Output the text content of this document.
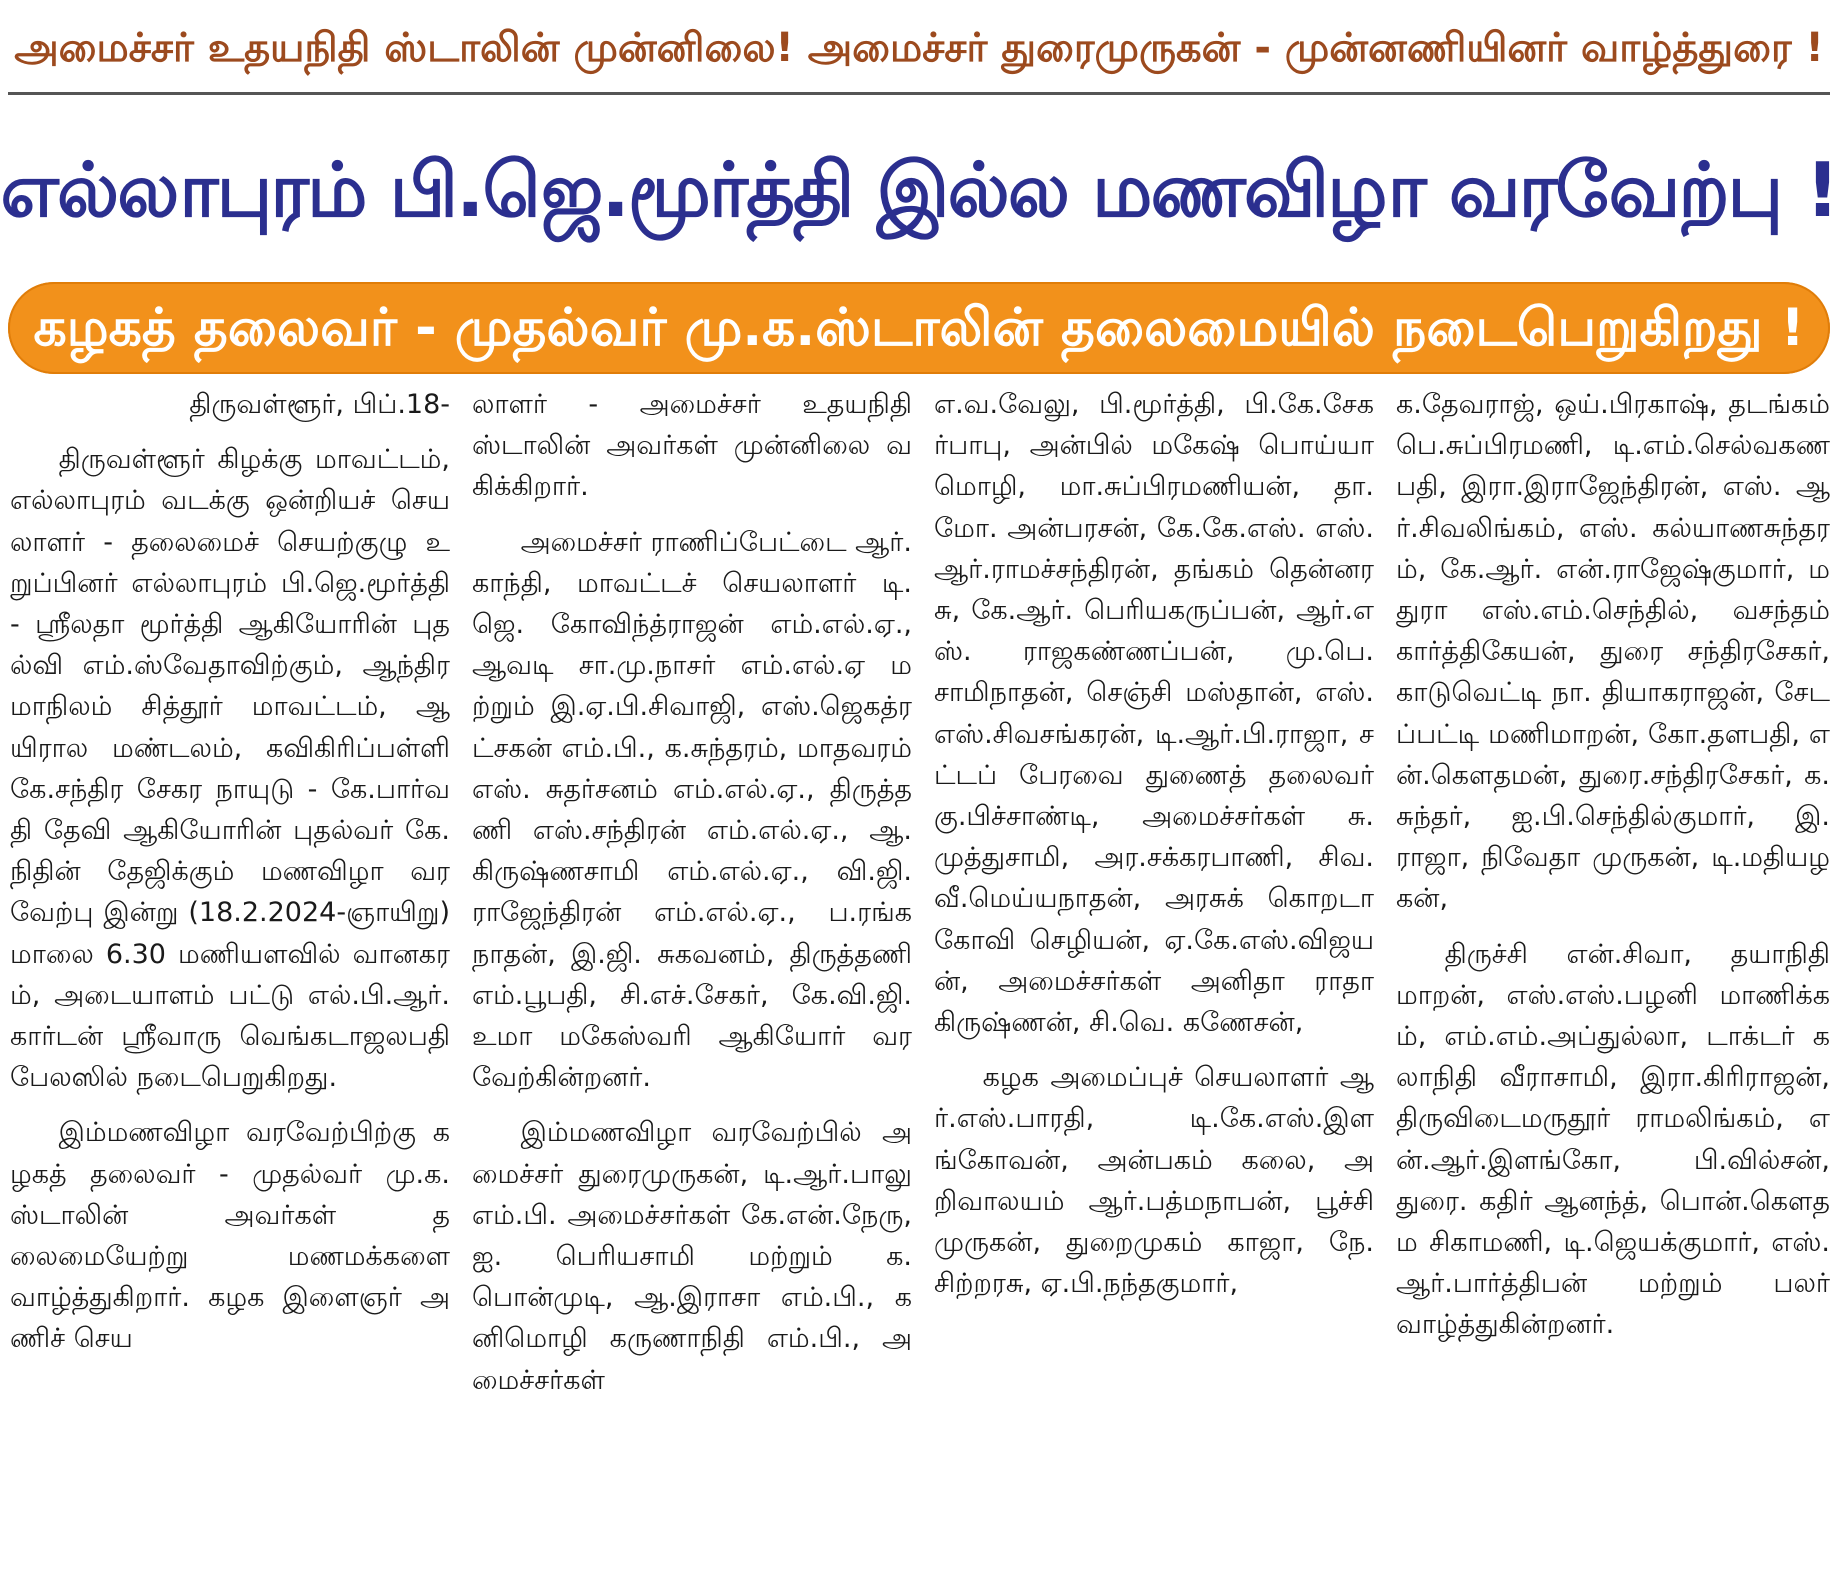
அமைச்சர் உதயநிதி ஸ்டாலின் முன்னிலை! அமைச்சர் துரைமுருகன் - முன்னணியினர் வாழ்த்துரை !
எல்லாபுரம் பி.ஜெ.மூர்த்தி இல்ல மணவிழா வரவேற்பு !
கழகத் தலைவர் - முதல்வர் மு.க.ஸ்டாலின் தலைமையில் நடைபெறுகிறது !

திருவள்ளூர், பிப்.18-

திருவள்ளூர் கிழக்கு மாவட்டம், எல்லாபுரம் வடக்கு ஒன்றியச் செயலாளர் - தலைமைச் செயற்குழு உறுப்பினர் எல்லாபுரம் பி.ஜெ.மூர்த்தி - ஸ்ரீலதா மூர்த்தி ஆகியோரின் புதல்வி எம்.ஸ்வேதாவிற்கும், ஆந்திர மாநிலம் சித்தூர் மாவட்டம், ஆயிரால மண்டலம், கவிகிரிப்பள்ளி கே.சந்திர சேகர நாயுடு - கே.பார்வதி தேவி ஆகியோரின் புதல்வர் கே.நிதின் தேஜிக்கும் மணவிழா வரவேற்பு இன்று (18.2.2024-ஞாயிறு) மாலை 6.30 மணியளவில் வானகரம், அடையாளம் பட்டு எல்.பி.ஆர். கார்டன் ஸ்ரீவாரு வெங்கடாஜலபதி பேலஸில் நடைபெறுகிறது.

இம்மணவிழா வரவேற்பிற்கு கழகத் தலைவர் - முதல்வர் மு.க.ஸ்டாலின் அவர்கள் தலைமையேற்று மணமக்களை வாழ்த்துகிறார். கழக இளைஞர் அணிச் செய

லாளர் - அமைச்சர் உதயநிதி ஸ்டாலின் அவர்கள் முன்னிலை வகிக்கிறார்.

அமைச்சர் ராணிப்பேட்டை ஆர்.காந்தி, மாவட்டச் செயலாளர் டி.ஜெ. கோவிந்த்ராஜன் எம்.எல்.ஏ., ஆவடி சா.மு.நாசர் எம்.எல்.ஏ மற்றும் இ.ஏ.பி.சிவாஜி, எஸ்.ஜெகத்ரட்சகன் எம்.பி., க.சுந்தரம், மாதவரம் எஸ். சுதர்சனம் எம்.எல்.ஏ., திருத்தணி எஸ்.சந்திரன் எம்.எல்.ஏ., ஆ.கிருஷ்ணசாமி எம்.எல்.ஏ., வி.ஜி. ராஜேந்திரன் எம்.எல்.ஏ., ப.ரங்கநாதன், இ.ஜி. சுகவனம், திருத்தணி எம்.பூபதி, சி.எச்.சேகர், கே.வி.ஜி. உமா மகேஸ்வரி ஆகியோர் வரவேற்கின்றனர்.

இம்மணவிழா வரவேற்பில் அமைச்சர் துரைமுருகன், டி.ஆர்.பாலு எம்.பி. அமைச்சர்கள் கே.என்.நேரு, ஐ. பெரியசாமி மற்றும் க.பொன்முடி, ஆ.இராசா எம்.பி., கனிமொழி கருணாநிதி எம்.பி., அமைச்சர்கள்

எ.வ.வேலு, பி.மூர்த்தி, பி.கே.சேகர்பாபு, அன்பில் மகேஷ் பொய்யா மொழி, மா.சுப்பிரமணியன், தா.மோ. அன்பரசன், கே.கே.எஸ். எஸ்.ஆர்.ராமச்சந்திரன், தங்கம் தென்னரசு, கே.ஆர். பெரியகருப்பன், ஆர்.எஸ். ராஜகண்ணப்பன், மு.பெ. சாமிநாதன், செஞ்சி மஸ்தான், எஸ்.எஸ்.சிவசங்கரன், டி.ஆர்.பி.ராஜா, சட்டப் பேரவை துணைத் தலைவர் கு.பிச்சாண்டி, அமைச்சர்கள் சு.முத்துசாமி, அர.சக்கரபாணி, சிவ.வீ.மெய்யநாதன், அரசுக் கொறடா கோவி செழியன், ஏ.கே.எஸ்.விஜயன், அமைச்சர்கள் அனிதா ராதா கிருஷ்ணன், சி.வெ. கணேசன்,

கழக அமைப்புச் செயலாளர் ஆர்.எஸ்.பாரதி, டி.கே.எஸ்.இளங்கோவன், அன்பகம் கலை, அறிவாலயம் ஆர்.பத்மநாபன், பூச்சி முருகன், துறைமுகம் காஜா, நே.சிற்றரசு, ஏ.பி.நந்தகுமார்,

க.தேவராஜ், ஒய்.பிரகாஷ், தடங்கம் பெ.சுப்பிரமணி, டி.எம்.செல்வகணபதி, இரா.இராஜேந்திரன், எஸ். ஆர்.சிவலிங்கம், எஸ். கல்யாணசுந்தரம், கே.ஆர். என்.ராஜேஷ்குமார், மதுரா எஸ்.எம்.செந்தில், வசந்தம் கார்த்திகேயன், துரை சந்திரசேகர், காடுவெட்டி நா. தியாகராஜன், சேடப்பட்டி மணிமாறன், கோ.தளபதி, என்.கௌதமன், துரை.சந்திரசேகர், க.சுந்தர், ஐ.பி.செந்தில்குமார், இ.ராஜா, நிவேதா முருகன், டி.மதியழகன்,

திருச்சி என்.சிவா, தயாநிதி மாறன், எஸ்.எஸ்.பழனி மாணிக்கம், எம்.எம்.அப்துல்லா, டாக்டர் கலாநிதி வீராசாமி, இரா.கிரிராஜன், திருவிடைமருதூர் ராமலிங்கம், என்.ஆர்.இளங்கோ, பி.வில்சன், துரை. கதிர் ஆனந்த், பொன்.கௌதம சிகாமணி, டி.ஜெயக்குமார், எஸ்.ஆர்.பார்த்திபன் மற்றும் பலர் வாழ்த்துகின்றனர்.
